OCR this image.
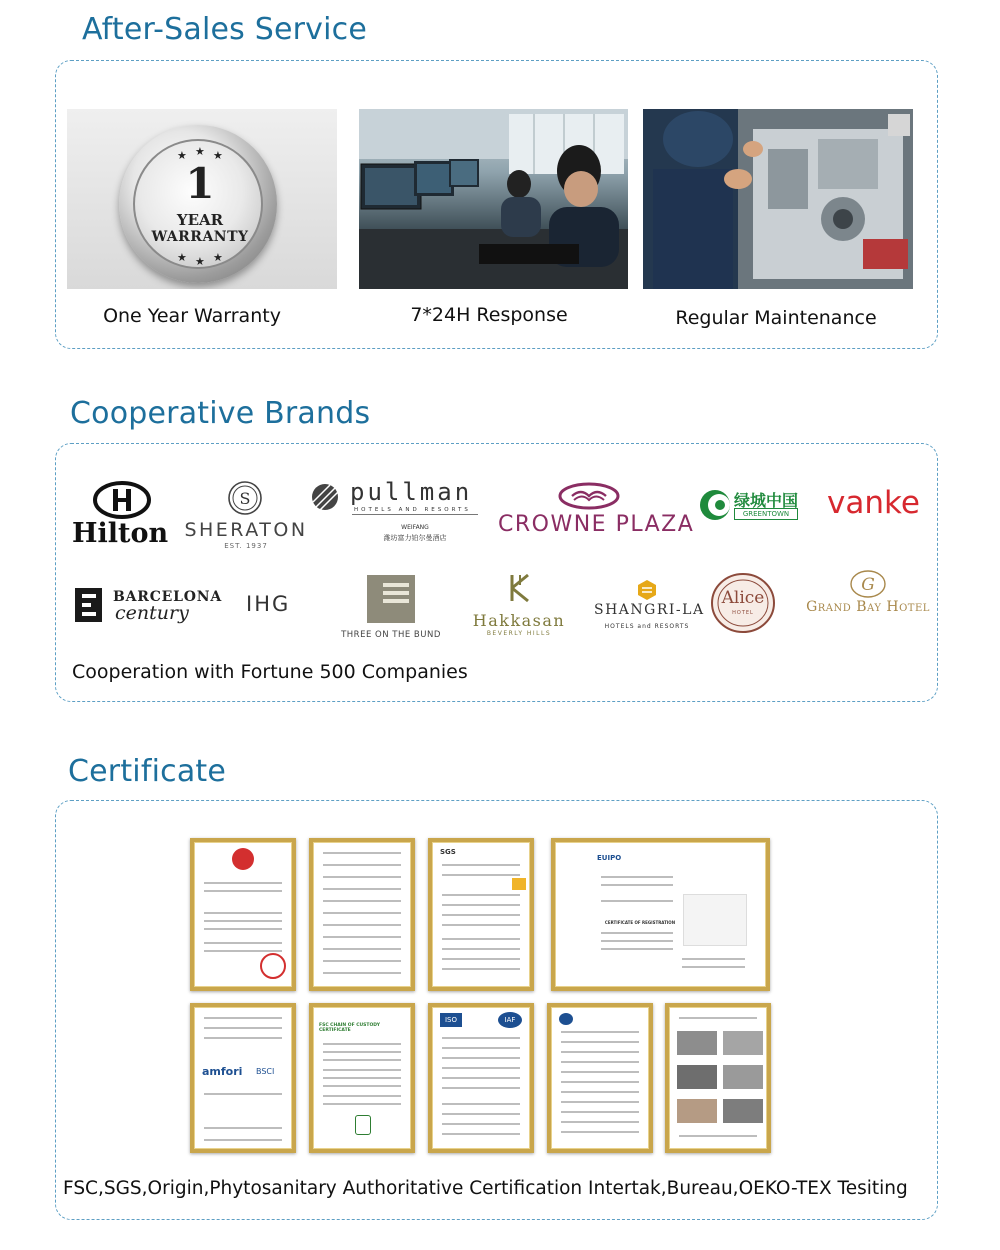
After-Sales Service
★ ★ ★
1
YEAR
WARRANTY
★ ★ ★
One Year Warranty	7*24H Response	Regular Maintenance
Cooperative Brands
Hilton
S
SHERATON
EST. 1937
pullman
HOTELS AND RESORTS
WEIFANG
潍坊富力铂尔曼酒店
CROWNE PLAZA
绿城中国
GREENTOWN vanke
BARCELONA
century	IHG
THREE ON THE BUND
Hakkasan
BEVERLY HILLS
SHANGRI-LA
HOTELS and RESORTS
Alice
HOTEL
G
Grand Bay Hotel
Cooperation with Fortune 500 Companies
Certificate
SGS
EUIPO
CERTIFICATE OF REGISTRATION
amfori BSCI
FSC CHAIN OF CUSTODY CERTIFICATE
ISO	IAF
FSC,SGS,Origin,Phytosanitary Authoritative Certification Intertak,Bureau,OEKO-TEX Tesiting
